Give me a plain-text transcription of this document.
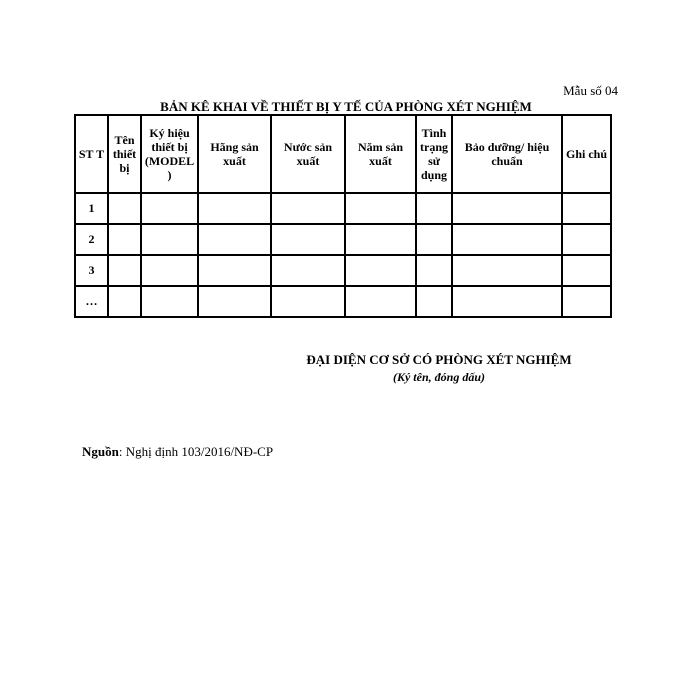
Mẫu số 04
BẢN KÊ KHAI VỀ THIẾT BỊ Y TẾ CỦA PHÒNG XÉT NGHIỆM
ST T	Tên thiết bị	Ký hiệu thiết bị (MODEL )	Hãng sản xuất	Nước sản xuất	Năm sản xuất	Tình trạng sử dụng	Bảo dưỡng/ hiệu chuẩn	Ghi chú
1								
2								
3								
…								
ĐẠI DIỆN CƠ SỞ CÓ PHÒNG XÉT NGHIỆM
(Ký tên, đóng dấu)
Nguồn: Nghị định 103/2016/NĐ-CP
